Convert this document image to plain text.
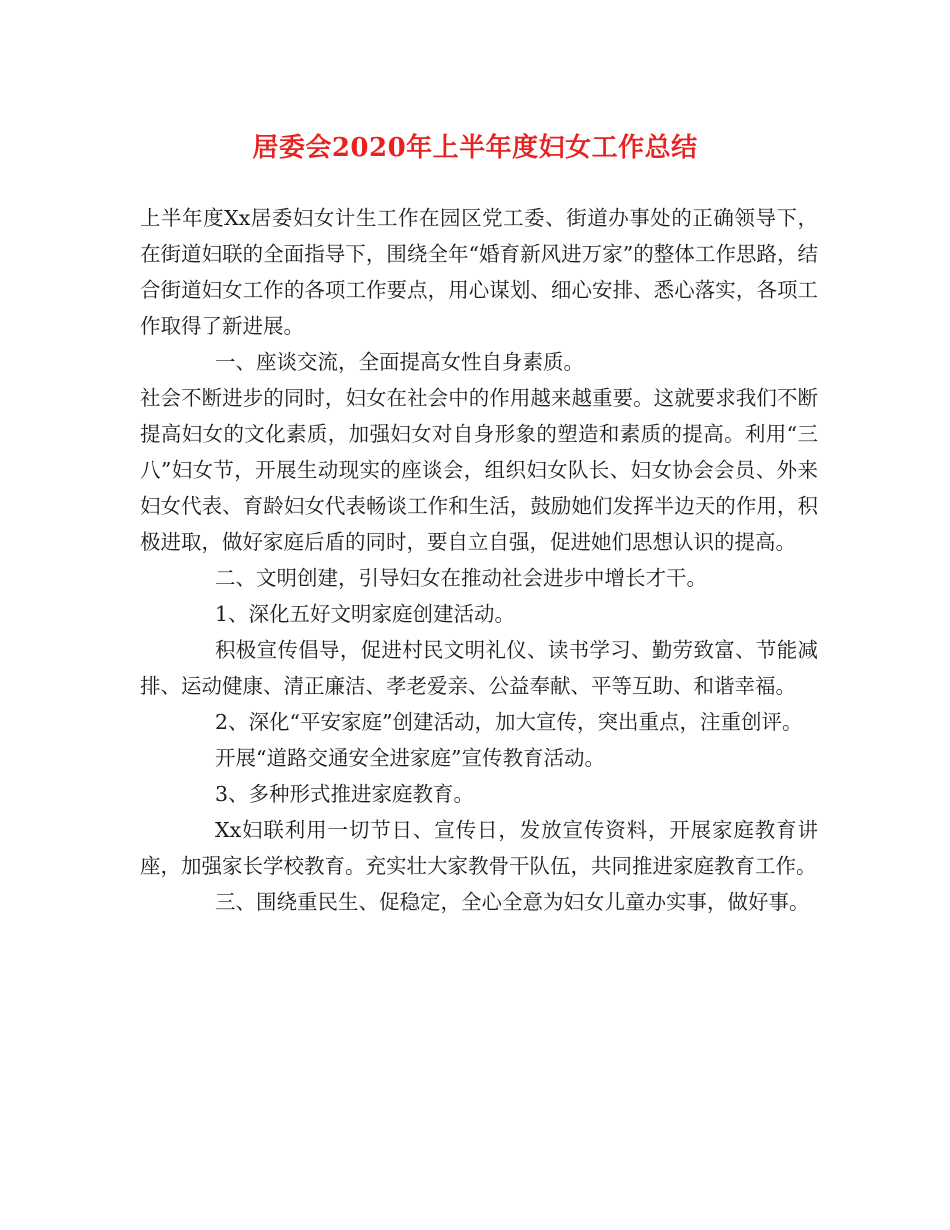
居委会2020年上半年度妇女工作总结

上半年度Xx居委妇女计生工作在园区党工委、街道办事处的正确领导下，在街道妇联的全面指导下，围绕全年“婚育新风进万家”的整体工作思路，结合街道妇女工作的各项工作要点，用心谋划、细心安排、悉心落实，各项工作取得了新进展。

一、座谈交流，全面提高女性自身素质。

社会不断进步的同时，妇女在社会中的作用越来越重要。这就要求我们不断提高妇女的文化素质，加强妇女对自身形象的塑造和素质的提高。利用“三八”妇女节，开展生动现实的座谈会，组织妇女队长、妇女协会会员、外来妇女代表、育龄妇女代表畅谈工作和生活，鼓励她们发挥半边天的作用，积极进取，做好家庭后盾的同时，要自立自强，促进她们思想认识的提高。

二、文明创建，引导妇女在推动社会进步中增长才干。

1、深化五好文明家庭创建活动。

积极宣传倡导，促进村民文明礼仪、读书学习、勤劳致富、节能减排、运动健康、清正廉洁、孝老爱亲、公益奉献、平等互助、和谐幸福。

2、深化“平安家庭”创建活动，加大宣传，突出重点，注重创评。

开展“道路交通安全进家庭”宣传教育活动。

3、多种形式推进家庭教育。

Xx妇联利用一切节日、宣传日，发放宣传资料，开展家庭教育讲座，加强家长学校教育。充实壮大家教骨干队伍，共同推进家庭教育工作。

三、围绕重民生、促稳定，全心全意为妇女儿童办实事，做好事。
